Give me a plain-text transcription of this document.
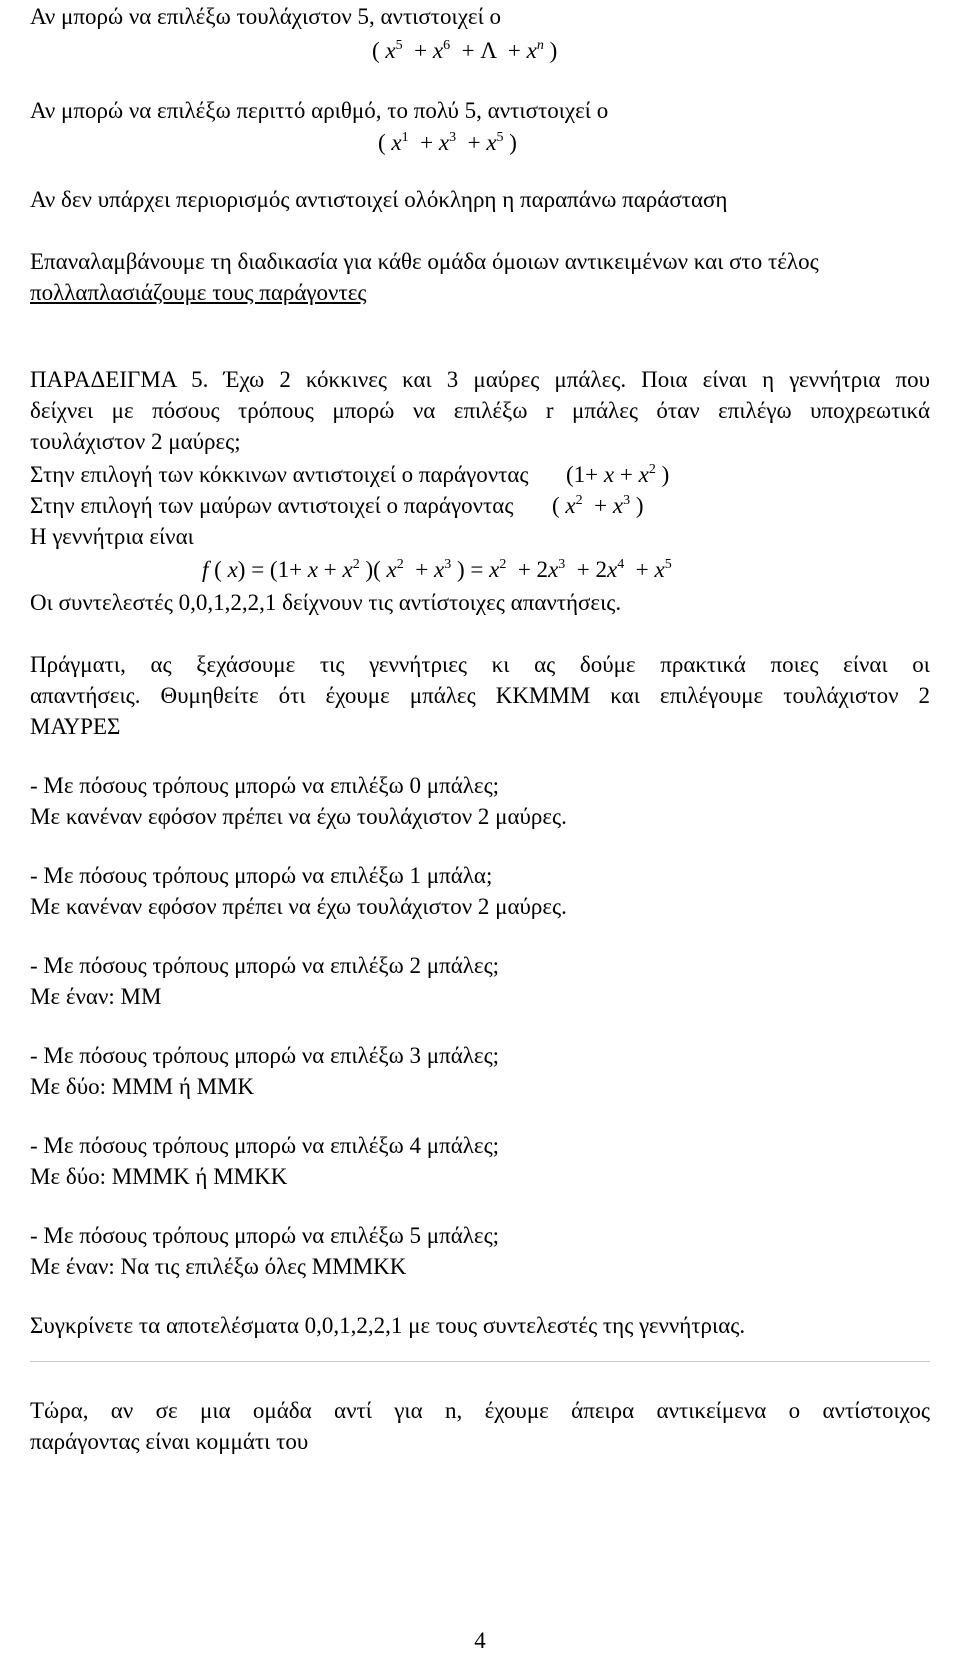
Αν μπορώ να επιλέξω τουλάχιστον 5, αντιστοιχεί ο
( $x^5 + x^6 + \Lambda + x^n$ )
Αν μπορώ να επιλέξω περιττό αριθμό, το πολύ 5, αντιστοιχεί ο
( $x^1 + x^3 + x^5$ )
Αν δεν υπάρχει περιορισμός αντιστοιχεί ολόκληρη η παραπάνω παράσταση
Επαναλαμβάνουμε τη διαδικασία για κάθε ομάδα όμοιων αντικειμένων και στο τέλος
πολλαπλασιάζουμε τους παράγοντες
ΠΑΡΑΔΕΙΓΜΑ 5. Έχω 2 κόκκινες και 3 μαύρες μπάλες. Ποια είναι η γεννήτρια που
δείχνει με πόσους τρόπους μπορώ να επιλέξω r μπάλες όταν επιλέγω υποχρεωτικά
τουλάχιστον 2 μαύρες;
Στην επιλογή των κόκκινων αντιστοιχεί ο παράγοντας ($1+ x + x^2$ )
Στην επιλογή των μαύρων αντιστοιχεί ο παράγοντας ( $x^2 + x^3$ )
Η γεννήτρια είναι
f ( $x) = (1+ x + x^2$ )( $x^2 + x^3$ ) = $x^2 + 2x^3 + 2x^4 + x^5$
Οι συντελεστές 0,0,1,2,2,1 δείχνουν τις αντίστοιχες απαντήσεις.
Πράγματι, ας ξεχάσουμε τις γεννήτριες κι ας δούμε πρακτικά ποιες είναι οι
απαντήσεις. Θυμηθείτε ότι έχουμε μπάλες ΚΚΜΜΜ και επιλέγουμε τουλάχιστον 2
ΜΑΥΡΕΣ
- Με πόσους τρόπους μπορώ να επιλέξω 0 μπάλες;
Με κανέναν εφόσον πρέπει να έχω τουλάχιστον 2 μαύρες.
- Με πόσους τρόπους μπορώ να επιλέξω 1 μπάλα;
Με κανέναν εφόσον πρέπει να έχω τουλάχιστον 2 μαύρες.
- Με πόσους τρόπους μπορώ να επιλέξω 2 μπάλες;
Με έναν: ΜΜ
- Με πόσους τρόπους μπορώ να επιλέξω 3 μπάλες;
Με δύο: ΜΜΜ ή ΜΜΚ
- Με πόσους τρόπους μπορώ να επιλέξω 4 μπάλες;
Με δύο: ΜΜΜΚ ή ΜΜΚΚ
- Με πόσους τρόπους μπορώ να επιλέξω 5 μπάλες;
Με έναν: Να τις επιλέξω όλες ΜΜΜΚΚ
Συγκρίνετε τα αποτελέσματα 0,0,1,2,2,1 με τους συντελεστές της γεννήτριας.
Τώρα, αν σε μια ομάδα αντί για n, έχουμε άπειρα αντικείμενα ο αντίστοιχος
παράγοντας είναι κομμάτι του
4
